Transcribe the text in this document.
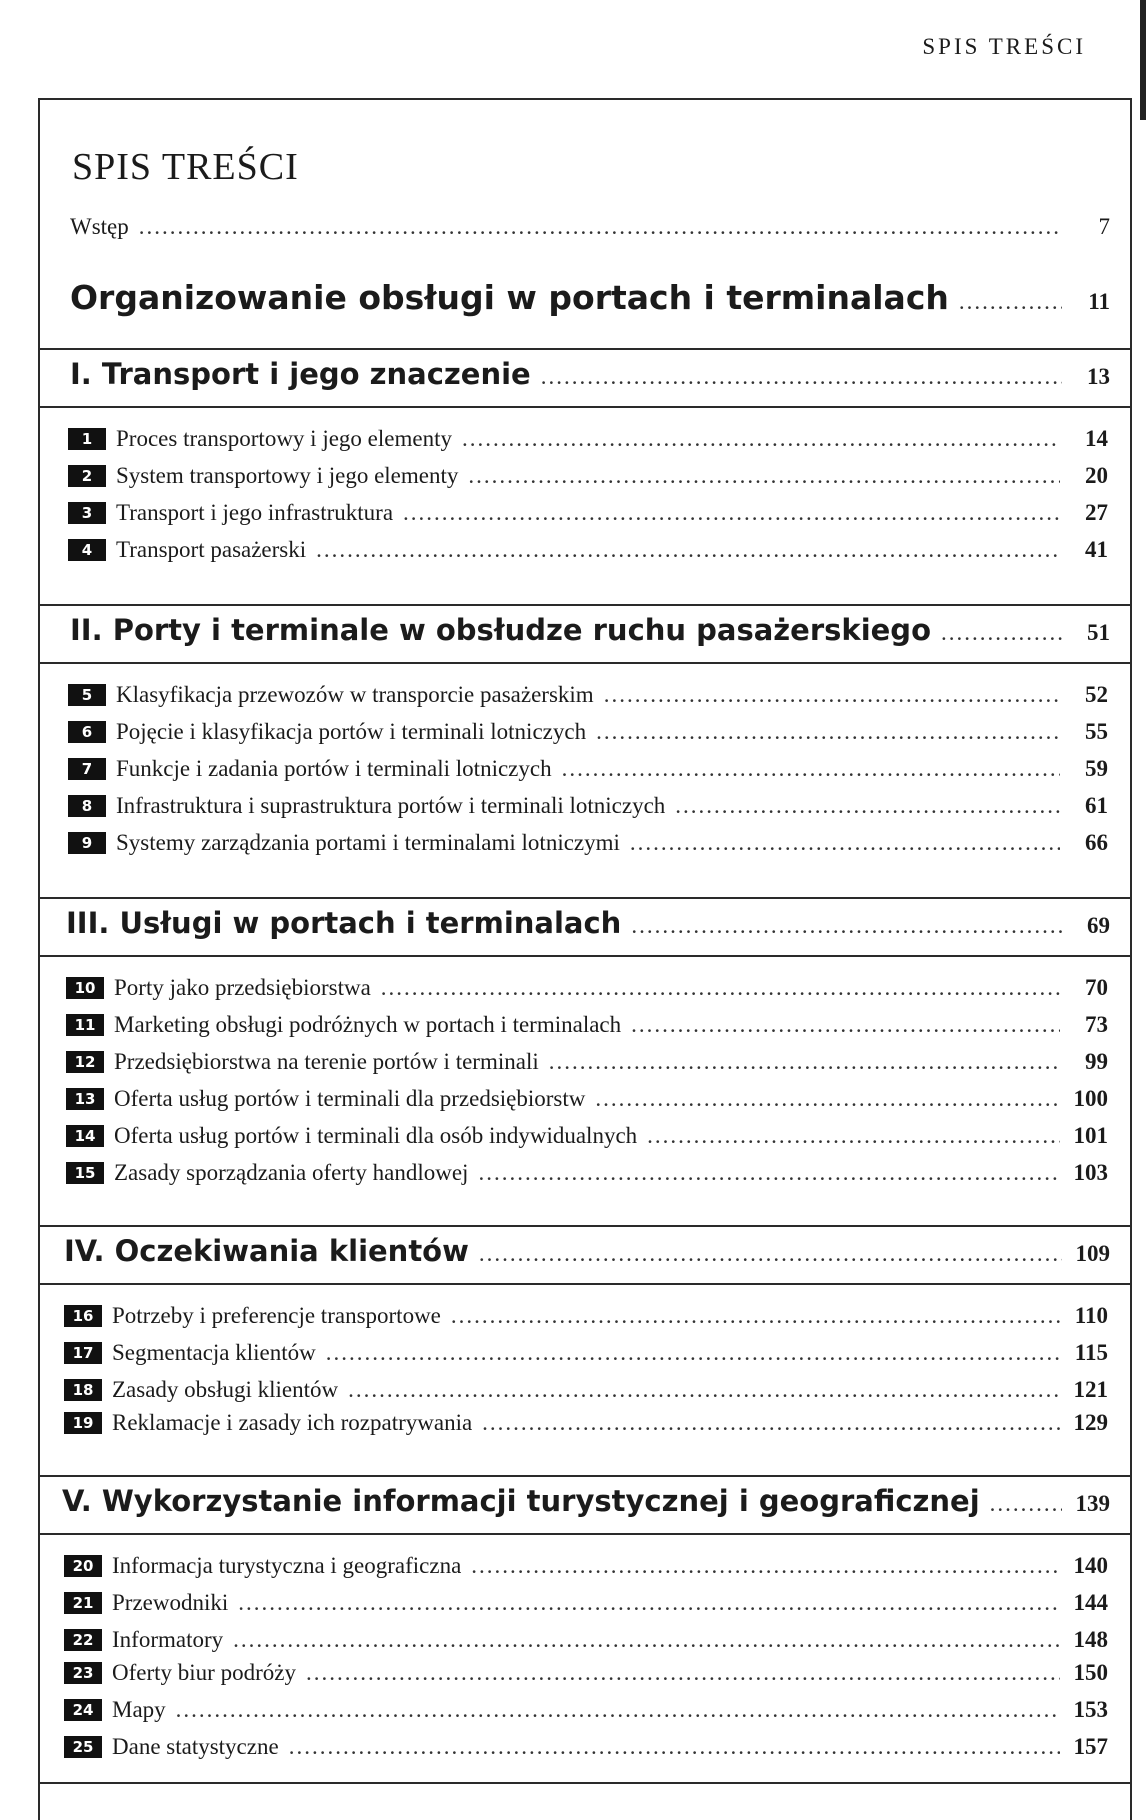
SPIS TREŚCI
SPIS TREŚCI
Wstęp .....	7
Organizowanie obsługi w portach i terminalach .....	11
I. Transport i jego znaczenie .....	13
1	Proces transportowy i jego elementy .....	14
2	System transportowy i jego elementy .....	20
3	Transport i jego infrastruktura .....	27
4	Transport pasażerski .....	41
II. Porty i terminale w obsłudze ruchu pasażerskiego .....	51
5	Klasyfikacja przewozów w transporcie pasażerskim .....	52
6	Pojęcie i klasyfikacja portów i terminali lotniczych .....	55
7	Funkcje i zadania portów i terminali lotniczych .....	59
8	Infrastruktura i suprastruktura portów i terminali lotniczych .....	61
9	Systemy zarządzania portami i terminalami lotniczymi .....	66
III. Usługi w portach i terminalach .....	69
10 Porty jako przedsiębiorstwa .....	70
11 Marketing obsługi podróżnych w portach i terminalach .....	73
12 Przedsiębiorstwa na terenie portów i terminali .....	99
13 Oferta usług portów i terminali dla przedsiębiorstw .....	100
14 Oferta usług portów i terminali dla osób indywidualnych .....	101
15 Zasady sporządzania oferty handlowej .....	103
IV. Oczekiwania klientów .....	109
16 Potrzeby i preferencje transportowe .....	110
17 Segmentacja klientów .....	115
18 Zasady obsługi klientów .....	121
19 Reklamacje i zasady ich rozpatrywania .....	129
V. Wykorzystanie informacji turystycznej i geograficznej .....	139
20 Informacja turystyczna i geograficzna .....	140
21 Przewodniki .....	144
22 Informatory .....	148
23 Oferty biur podróży .....	150
24 Mapy .....	153
25 Dane statystyczne .....	157
